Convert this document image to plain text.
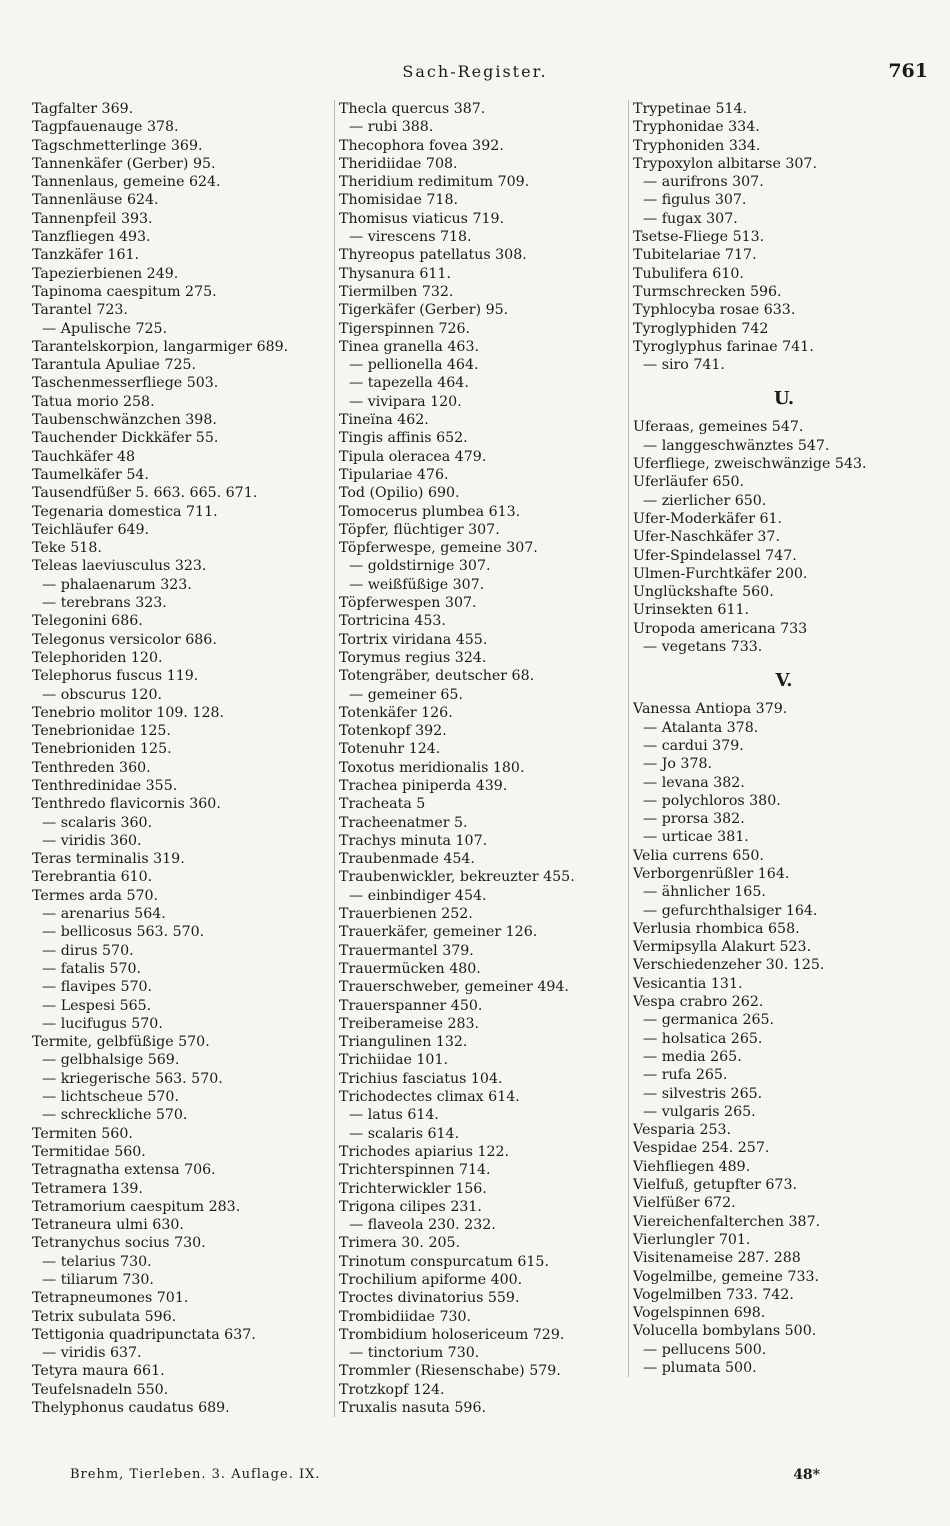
Sach-Register.	761
Tagfalter 369.
Tagpfauenauge 378.
Tagschmetterlinge 369.
Tannenkäfer (Gerber) 95.
Tannenlaus, gemeine 624.
Tannenläuse 624.
Tannenpfeil 393.
Tanzfliegen 493.
Tanzkäfer 161.
Tapezierbienen 249.
Tapinoma caespitum 275.
Tarantel 723.
— Apulische 725.
Tarantelskorpion, langarmiger 689.
Tarantula Apuliae 725.
Taschenmesserfliege 503.
Tatua morio 258.
Taubenschwänzchen 398.
Tauchender Dickkäfer 55.
Tauchkäfer 48
Taumelkäfer 54.
Tausendfüßer 5. 663. 665. 671.
Tegenaria domestica 711.
Teichläufer 649.
Teke 518.
Teleas laeviusculus 323.
— phalaenarum 323.
— terebrans 323.
Telegonini 686.
Telegonus versicolor 686.
Telephoriden 120.
Telephorus fuscus 119.
— obscurus 120.
Tenebrio molitor 109. 128.
Tenebrionidae 125.
Tenebrioniden 125.
Tenthreden 360.
Tenthredinidae 355.
Tenthredo flavicornis 360.
— scalaris 360.
— viridis 360.
Teras terminalis 319.
Terebrantia 610.
Termes arda 570.
— arenarius 564.
— bellicosus 563. 570.
— dirus 570.
— fatalis 570.
— flavipes 570.
— Lespesi 565.
— lucifugus 570.
Termite, gelbfüßige 570.
— gelbhalsige 569.
— kriegerische 563. 570.
— lichtscheue 570.
— schreckliche 570.
Termiten 560.
Termitidae 560.
Tetragnatha extensa 706.
Tetramera 139.
Tetramorium caespitum 283.
Tetraneura ulmi 630.
Tetranychus socius 730.
— telarius 730.
— tiliarum 730.
Tetrapneumones 701.
Tetrix subulata 596.
Tettigonia quadripunctata 637.
— viridis 637.
Tetyra maura 661.
Teufelsnadeln 550.
Thelyphonus caudatus 689.
Thecla quercus 387.
— rubi 388.
Thecophora fovea 392.
Theridiidae 708.
Theridium redimitum 709.
Thomisidae 718.
Thomisus viaticus 719.
— virescens 718.
Thyreopus patellatus 308.
Thysanura 611.
Tiermilben 732.
Tigerkäfer (Gerber) 95.
Tigerspinnen 726.
Tinea granella 463.
— pellionella 464.
— tapezella 464.
— vivipara 120.
Tineïna 462.
Tingis affinis 652.
Tipula oleracea 479.
Tipulariae 476.
Tod (Opilio) 690.
Tomocerus plumbea 613.
Töpfer, flüchtiger 307.
Töpferwespe, gemeine 307.
— goldstirnige 307.
— weißfüßige 307.
Töpferwespen 307.
Tortricina 453.
Tortrix viridana 455.
Torymus regius 324.
Totengräber, deutscher 68.
— gemeiner 65.
Totenkäfer 126.
Totenkopf 392.
Totenuhr 124.
Toxotus meridionalis 180.
Trachea piniperda 439.
Tracheata 5
Tracheenatmer 5.
Trachys minuta 107.
Traubenmade 454.
Traubenwickler, bekreuzter 455.
— einbindiger 454.
Trauerbienen 252.
Trauerkäfer, gemeiner 126.
Trauermantel 379.
Trauermücken 480.
Trauerschweber, gemeiner 494.
Trauerspanner 450.
Treiberameise 283.
Triangulinen 132.
Trichiidae 101.
Trichius fasciatus 104.
Trichodectes climax 614.
— latus 614.
— scalaris 614.
Trichodes apiarius 122.
Trichterspinnen 714.
Trichterwickler 156.
Trigona cilipes 231.
— flaveola 230. 232.
Trimera 30. 205.
Trinotum conspurcatum 615.
Trochilium apiforme 400.
Troctes divinatorius 559.
Trombidiidae 730.
Trombidium holosericeum 729.
— tinctorium 730.
Trommler (Riesenschabe) 579.
Trotzkopf 124.
Truxalis nasuta 596.
Trypetinae 514.
Tryphonidae 334.
Tryphoniden 334.
Trypoxylon albitarse 307.
— aurifrons 307.
— figulus 307.
— fugax 307.
Tsetse-Fliege 513.
Tubitelariae 717.
Tubulifera 610.
Turmschrecken 596.
Typhlocyba rosae 633.
Tyroglyphiden 742
Tyroglyphus farinae 741.
— siro 741.
U.
Uferaas, gemeines 547.
— langgeschwänztes 547.
Uferfliege, zweischwänzige 543.
Uferläufer 650.
— zierlicher 650.
Ufer-Moderkäfer 61.
Ufer-Naschkäfer 37.
Ufer-Spindelassel 747.
Ulmen-Furchtkäfer 200.
Unglückshafte 560.
Urinsekten 611.
Uropoda americana 733
— vegetans 733.
V.
Vanessa Antiopa 379.
— Atalanta 378.
— cardui 379.
— Jo 378.
— levana 382.
— polychloros 380.
— prorsa 382.
— urticae 381.
Velia currens 650.
Verborgenrüßler 164.
— ähnlicher 165.
— gefurchthalsiger 164.
Verlusia rhombica 658.
Vermipsylla Alakurt 523.
Verschiedenzeher 30. 125.
Vesicantia 131.
Vespa crabro 262.
— germanica 265.
— holsatica 265.
— media 265.
— rufa 265.
— silvestris 265.
— vulgaris 265.
Vesparia 253.
Vespidae 254. 257.
Viehfliegen 489.
Vielfuß, getupfter 673.
Vielfüßer 672.
Viereichenfalterchen 387.
Vierlungler 701.
Visitenameise 287. 288
Vogelmilbe, gemeine 733.
Vogelmilben 733. 742.
Vogelspinnen 698.
Volucella bombylans 500.
— pellucens 500.
— plumata 500.
Brehm, Tierleben. 3. Auflage. IX.	48*
